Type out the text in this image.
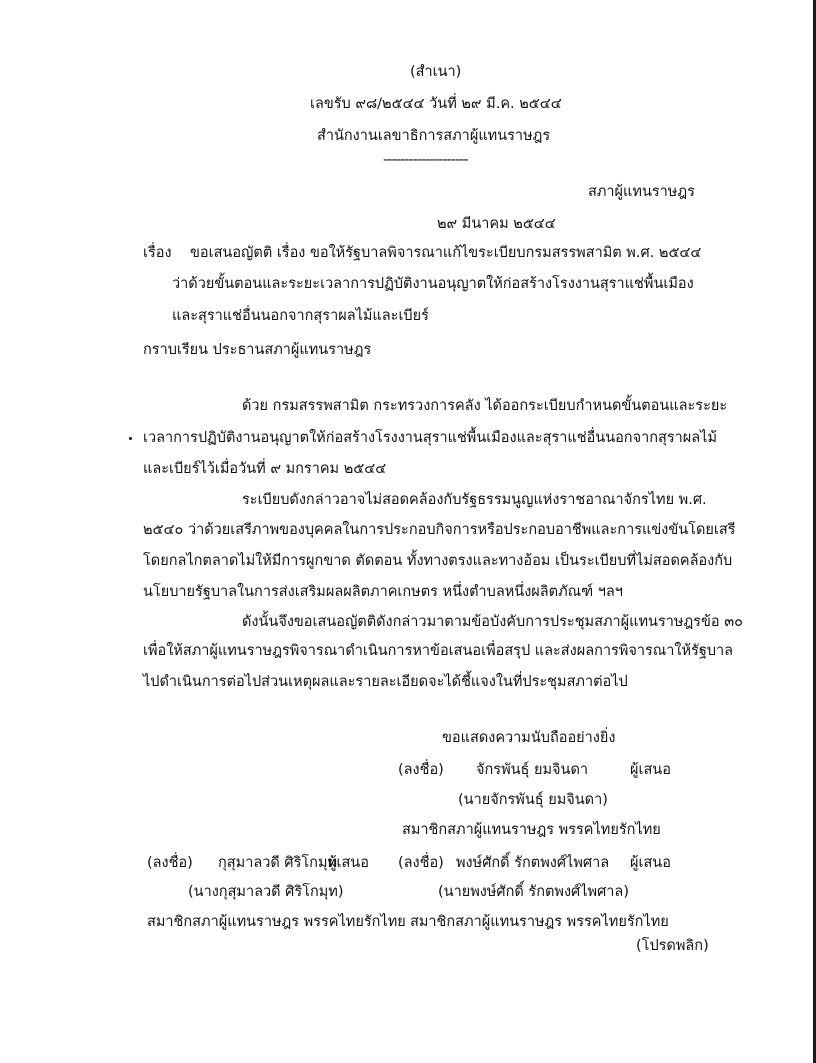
(สำเนา)

เลขรับ ๙๘/๒๕๔๔ วันที่ ๒๙ มี.ค. ๒๕๔๔

สำนักงานเลขาธิการสภาผู้แทนราษฎร

--------------------

สภาผู้แทนราษฎร

๒๙ มีนาคม ๒๕๔๔

เรื่อง ขอเสนอญัตติ เรื่อง ขอให้รัฐบาลพิจารณาแก้ไขระเบียบกรมสรรพสามิต พ.ศ. ๒๕๔๔

ว่าด้วยขั้นตอนและระยะเวลาการปฏิบัติงานอนุญาตให้ก่อสร้างโรงงานสุราแช่พื้นเมือง

และสุราแช่อื่นนอกจากสุราผลไม้และเบียร์

กราบเรียน ประธานสภาผู้แทนราษฎร

ด้วย กรมสรรพสามิต กระทรวงการคลัง ได้ออกระเบียบกำหนดขั้นตอนและระยะ

เวลาการปฏิบัติงานอนุญาตให้ก่อสร้างโรงงานสุราแช่พื้นเมืองและสุราแช่อื่นนอกจากสุราผลไม้

และเบียร์ไว้เมื่อวันที่ ๙ มกราคม ๒๕๔๔

ระเบียบดังกล่าวอาจไม่สอดคล้องกับรัฐธรรมนูญแห่งราชอาณาจักรไทย พ.ศ.

๒๕๔๐ ว่าด้วยเสรีภาพของบุคคลในการประกอบกิจการหรือประกอบอาชีพและการแข่งขันโดยเสรี

โดยกลไกตลาดไม่ให้มีการผูกขาด ตัดตอน ทั้งทางตรงและทางอ้อม เป็นระเบียบที่ไม่สอดคล้องกับ

นโยบายรัฐบาลในการส่งเสริมผลผลิตภาคเกษตร หนึ่งตำบลหนึ่งผลิตภัณฑ์ ฯลฯ

ดังนั้นจึงขอเสนอญัตติดังกล่าวมาตามข้อบังคับการประชุมสภาผู้แทนราษฎรข้อ ๓๐

เพื่อให้สภาผู้แทนราษฎรพิจารณาดำเนินการหาข้อเสนอเพื่อสรุป และส่งผลการพิจารณาให้รัฐบาล

ไปดำเนินการต่อไปส่วนเหตุผลและรายละเอียดจะได้ชี้แจงในที่ประชุมสภาต่อไป

ขอแสดงความนับถืออย่างยิ่ง

(ลงชื่อ) จักรพันธุ์ ยมจินดา	ผู้เสนอ

(นายจักรพันธุ์ ยมจินดา)

สมาชิกสภาผู้แทนราษฎร พรรคไทยรักไทย

(ลงชื่อ) กุสุมาลวดี ศิริโกมุท

ผู้เสนอ

(นางกุสุมาลวดี ศิริโกมุท)

สมาชิกสภาผู้แทนราษฎร พรรคไทยรักไทย

(ลงชื่อ) พงษ์ศักดิ์ รักตพงศ์ไพศาล ผู้เสนอ

(นายพงษ์ศักดิ์ รักตพงศ์ไพศาล)

สมาชิกสภาผู้แทนราษฎร พรรคไทยรักไทย

(โปรดพลิก)
